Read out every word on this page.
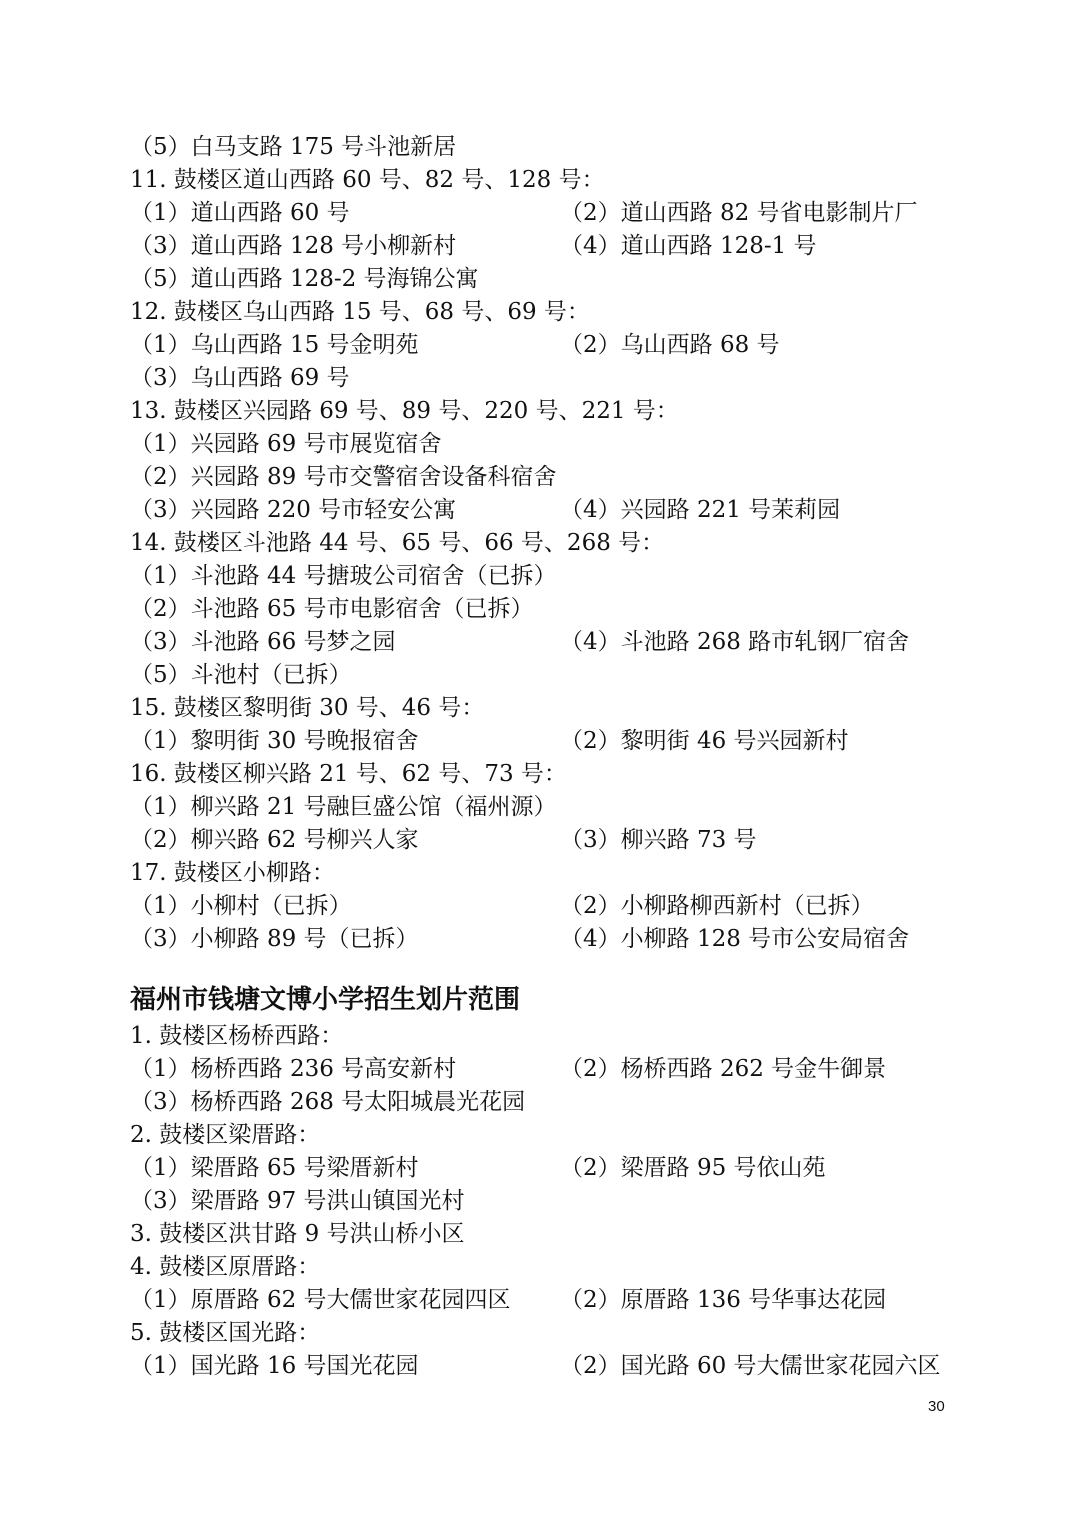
（5）白马支路 175 号斗池新居
11. 鼓楼区道山西路 60 号、82 号、128 号：
（1）道山西路 60 号	（2）道山西路 82 号省电影制片厂
（3）道山西路 128 号小柳新村	（4）道山西路 128-1 号
（5）道山西路 128-2 号海锦公寓
12. 鼓楼区乌山西路 15 号、68 号、69 号：
（1）乌山西路 15 号金明苑	（2）乌山西路 68 号
（3）乌山西路 69 号
13. 鼓楼区兴园路 69 号、89 号、220 号、221 号：
（1）兴园路 69 号市展览宿舍
（2）兴园路 89 号市交警宿舍设备科宿舍
（3）兴园路 220 号市轻安公寓	（4）兴园路 221 号茉莉园
14. 鼓楼区斗池路 44 号、65 号、66 号、268 号：
（1）斗池路 44 号搪玻公司宿舍（已拆）
（2）斗池路 65 号市电影宿舍（已拆）
（3）斗池路 66 号梦之园	（4）斗池路 268 路市轧钢厂宿舍
（5）斗池村（已拆）
15. 鼓楼区黎明街 30 号、46 号：
（1）黎明街 30 号晚报宿舍	（2）黎明街 46 号兴园新村
16. 鼓楼区柳兴路 21 号、62 号、73 号：
（1）柳兴路 21 号融巨盛公馆（福州源）
（2）柳兴路 62 号柳兴人家	（3）柳兴路 73 号
17. 鼓楼区小柳路：
（1）小柳村（已拆）	（2）小柳路柳西新村（已拆）
（3）小柳路 89 号（已拆）	（4）小柳路 128 号市公安局宿舍
福州市钱塘文博小学招生划片范围
1. 鼓楼区杨桥西路：
（1）杨桥西路 236 号高安新村	（2）杨桥西路 262 号金牛御景
（3）杨桥西路 268 号太阳城晨光花园
2. 鼓楼区梁厝路：
（1）梁厝路 65 号梁厝新村	（2）梁厝路 95 号依山苑
（3）梁厝路 97 号洪山镇国光村
3. 鼓楼区洪甘路 9 号洪山桥小区
4. 鼓楼区原厝路：
（1）原厝路 62 号大儒世家花园四区 （2）原厝路 136 号华事达花园
5. 鼓楼区国光路：
（1）国光路 16 号国光花园	（2）国光路 60 号大儒世家花园六区
30
